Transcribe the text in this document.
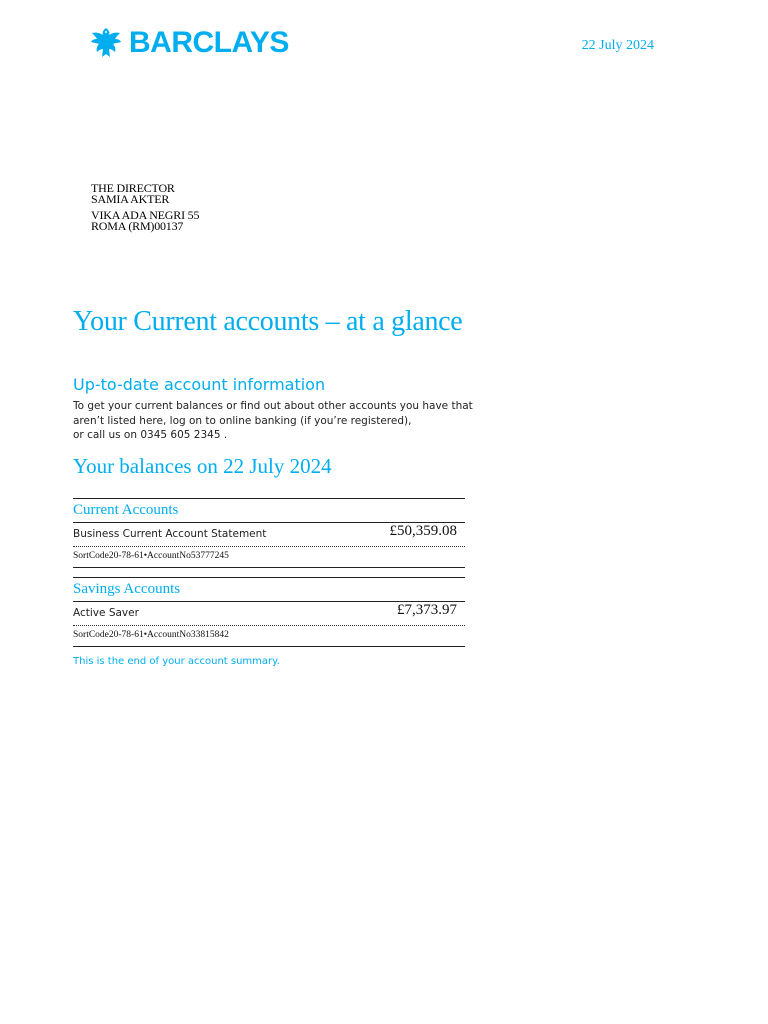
BARCLAYS	22 July 2024
THE DIRECTOR
SAMIA AKTER
VIKA ADA NEGRI 55
ROMA (RM)00137
Your Current accounts – at a glance
Up-to-date account information
To get your current balances or find out about other accounts you have that
aren’t listed here, log on to online banking (if you’re registered),
or call us on 0345 605 2345 .
Your balances on 22 July 2024
Current Accounts
Business Current Account Statement	£50,359.08
SortCode20-78-61•AccountNo53777245
Savings Accounts
Active Saver	£7,373.97
SortCode20-78-61•AccountNo33815842
This is the end of your account summary.
